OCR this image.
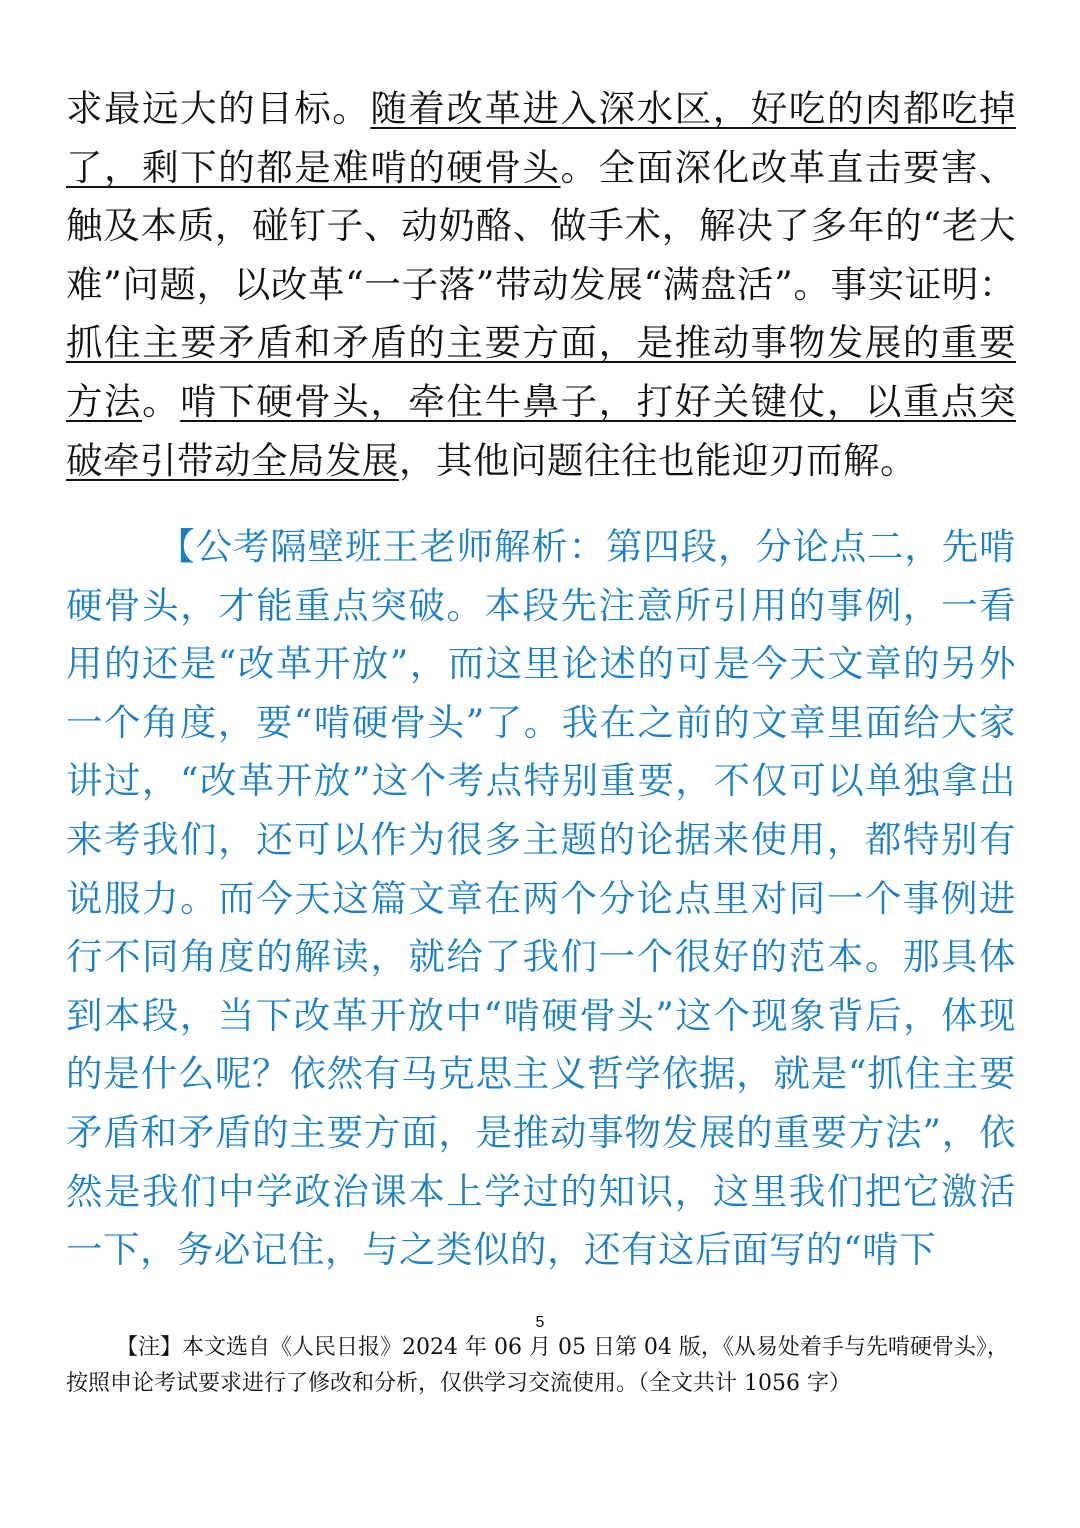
求最远大的目标。随着改革进入深水区，好吃的肉都吃掉了，剩下的都是难啃的硬骨头。全面深化改革直击要害、触及本质，碰钉子、动奶酪、做手术，解决了多年的“老大难”问题，以改革“一子落”带动发展“满盘活”。事实证明：抓住主要矛盾和矛盾的主要方面，是推动事物发展的重要方法。啃下硬骨头，牵住牛鼻子，打好关键仗，以重点突破牵引带动全局发展，其他问题往往也能迎刃而解。

【公考隔壁班王老师解析：第四段，分论点二，先啃硬骨头，才能重点突破。本段先注意所引用的事例，一看用的还是“改革开放”，而这里论述的可是今天文章的另外一个角度，要“啃硬骨头”了。我在之前的文章里面给大家讲过，“改革开放”这个考点特别重要，不仅可以单独拿出来考我们，还可以作为很多主题的论据来使用，都特别有说服力。而今天这篇文章在两个分论点里对同一个事例进行不同角度的解读，就给了我们一个很好的范本。那具体到本段，当下改革开放中“啃硬骨头”这个现象背后，体现的是什么呢？依然有马克思主义哲学依据，就是“抓住主要矛盾和矛盾的主要方面，是推动事物发展的重要方法”，依然是我们中学政治课本上学过的知识，这里我们把它激活一下，务必记住，与之类似的，还有这后面写的“啃下

5

【注】本文选自《人民日报》2024 年 06 月 05 日第 04 版，《从易处着手与先啃硬骨头》，按照申论考试要求进行了修改和分析，仅供学习交流使用。（全文共计 1056 字）
